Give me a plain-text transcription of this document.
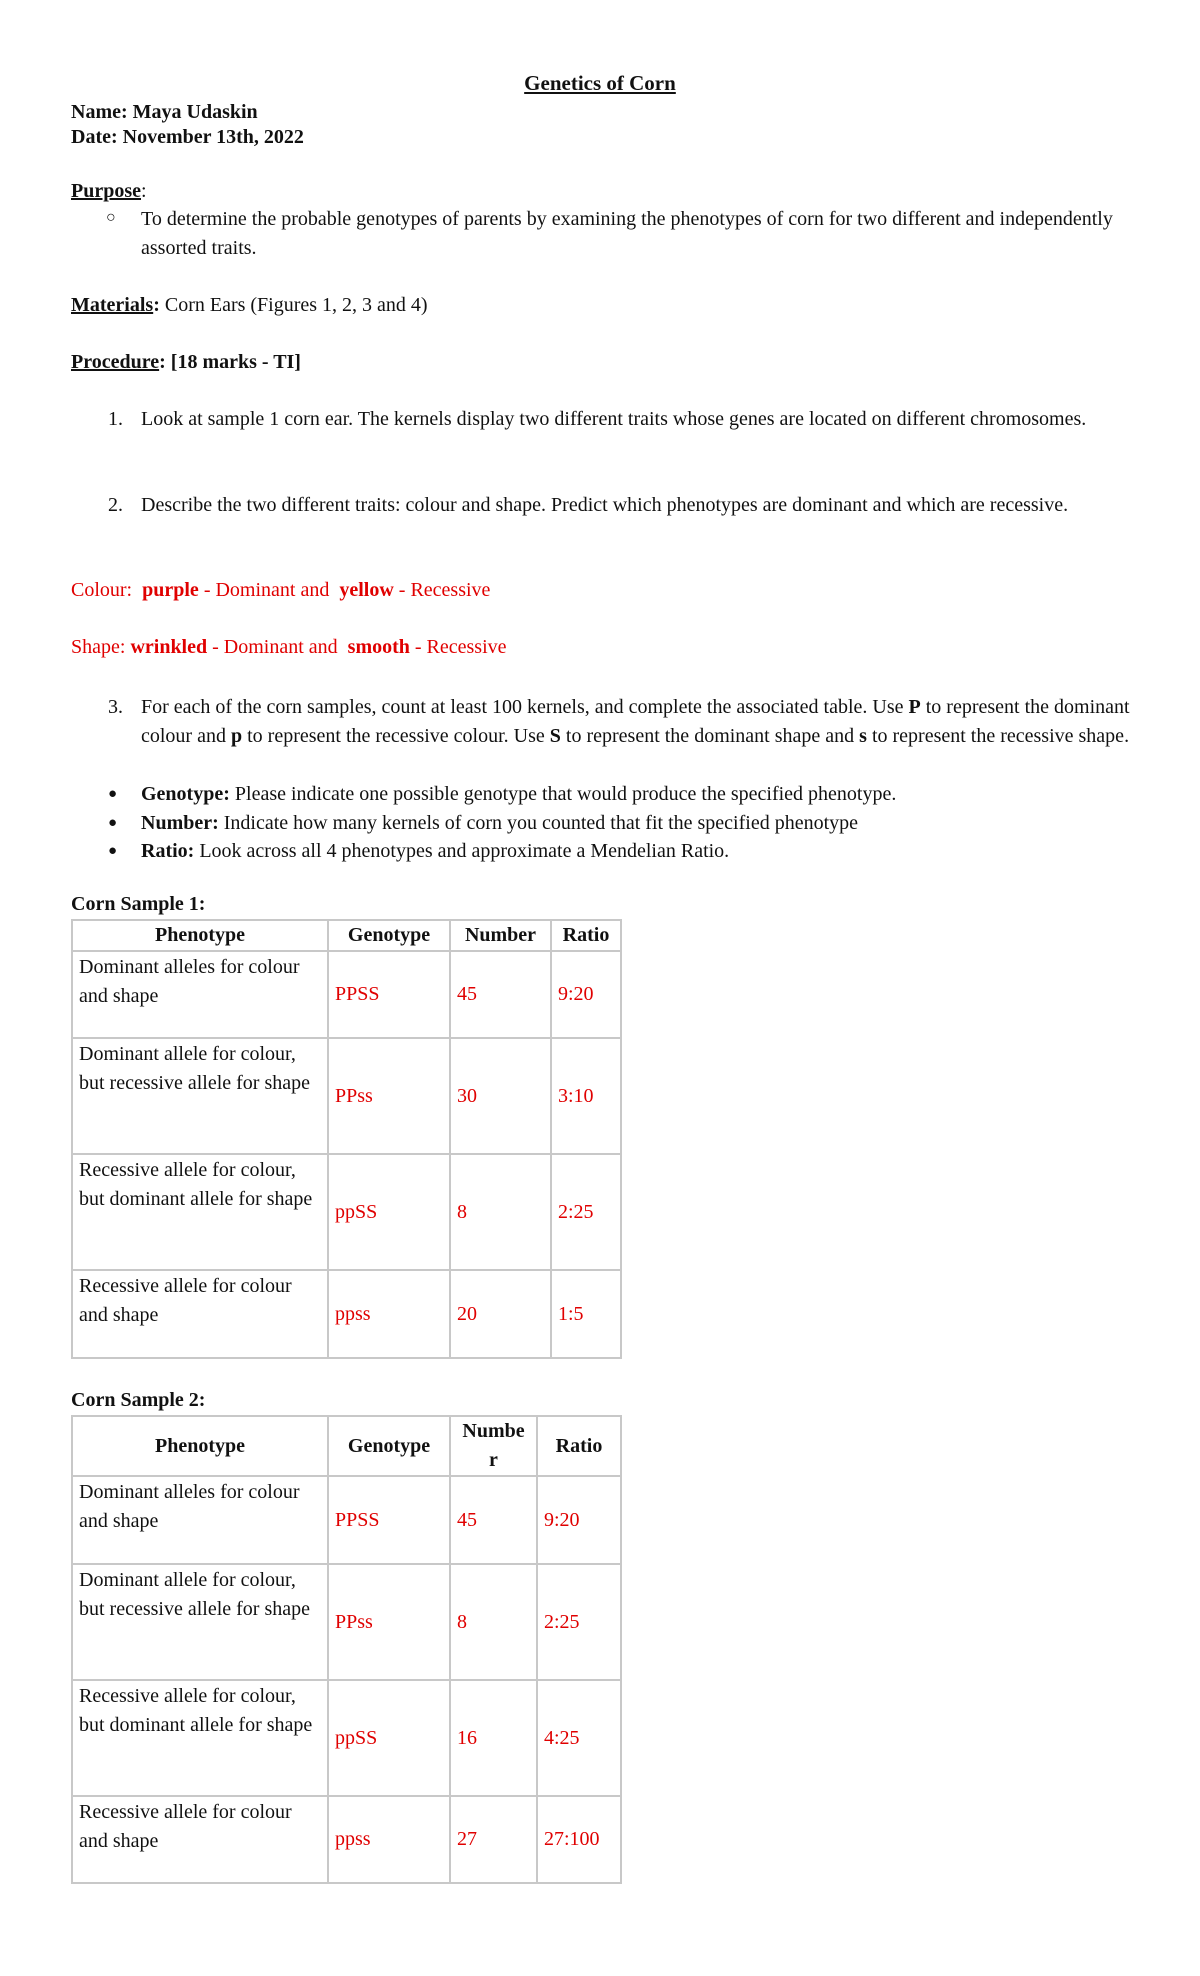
Genetics of Corn
Name: Maya Udaskin
Date: November 13th, 2022
Purpose:
○ To determine the probable genotypes of parents by examining the phenotypes of corn for two different and independently assorted traits.
Materials: Corn Ears (Figures 1, 2, 3 and 4)
Procedure: [18 marks - TI]
1. Look at sample 1 corn ear. The kernels display two different traits whose genes are located on different chromosomes.
2. Describe the two different traits: colour and shape. Predict which phenotypes are dominant and which are recessive.
Colour:  purple - Dominant and  yellow - Recessive
Shape: wrinkled - Dominant and  smooth - Recessive
3. For each of the corn samples, count at least 100 kernels, and complete the associated table. Use P to represent the dominant colour and p to represent the recessive colour. Use S to represent the dominant shape and s to represent the recessive shape.
● Genotype: Please indicate one possible genotype that would produce the specified phenotype.
● Number: Indicate how many kernels of corn you counted that fit the specified phenotype
● Ratio: Look across all 4 phenotypes and approximate a Mendelian Ratio.
Corn Sample 1:
Phenotype	Genotype	Number	Ratio
Dominant alleles for colour and shape	PPSS	45	9:20
Dominant allele for colour, but recessive allele for shape	PPss	30	3:10
Recessive allele for colour, but dominant allele for shape	ppSS	8	2:25
Recessive allele for colour and shape	ppss	20	1:5
Corn Sample 2:
Phenotype	Genotype	Numbe r	Ratio
Dominant alleles for colour and shape	PPSS	45	9:20
Dominant allele for colour, but recessive allele for shape	PPss	8	2:25
Recessive allele for colour, but dominant allele for shape	ppSS	16	4:25
Recessive allele for colour and shape	ppss	27	27:100
